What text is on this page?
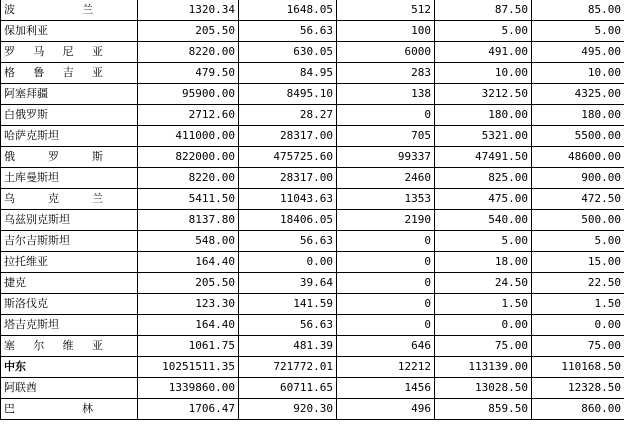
波　　兰	1320.34	1648.05	512	87.50	85.00
保加利亚	205.50	56.63	100	5.00	5.00
罗马尼亚	8220.00	630.05	6000	491.00	495.00
格鲁吉亚	479.50	84.95	283	10.00	10.00
阿塞拜疆	95900.00	8495.10	138	3212.50	4325.00
白俄罗斯	2712.60	28.27	0	180.00	180.00
哈萨克斯坦	411000.00	28317.00	705	5321.00	5500.00
俄　罗　斯	822000.00	475725.60	99337	47491.50	48600.00
土库曼斯坦	8220.00	28317.00	2460	825.00	900.00
乌　克　兰	5411.50	11043.63	1353	475.00	472.50
乌兹别克斯坦	8137.80	18406.05	2190	540.00	500.00
吉尔吉斯斯坦	548.00	56.63	0	5.00	5.00
拉托维亚	164.40	0.00	0	18.00	15.00
捷克	205.50	39.64	0	24.50	22.50
斯洛伐克	123.30	141.59	0	1.50	1.50
塔吉克斯坦	164.40	56.63	0	0.00	0.00
塞尔维亚	1061.75	481.39	646	75.00	75.00
中东	10251511.35	721772.01	12212	113139.00	110168.50
阿联酋	1339860.00	60711.65	1456	13028.50	12328.50
巴　　林	1706.47	920.30	496	859.50	860.00
